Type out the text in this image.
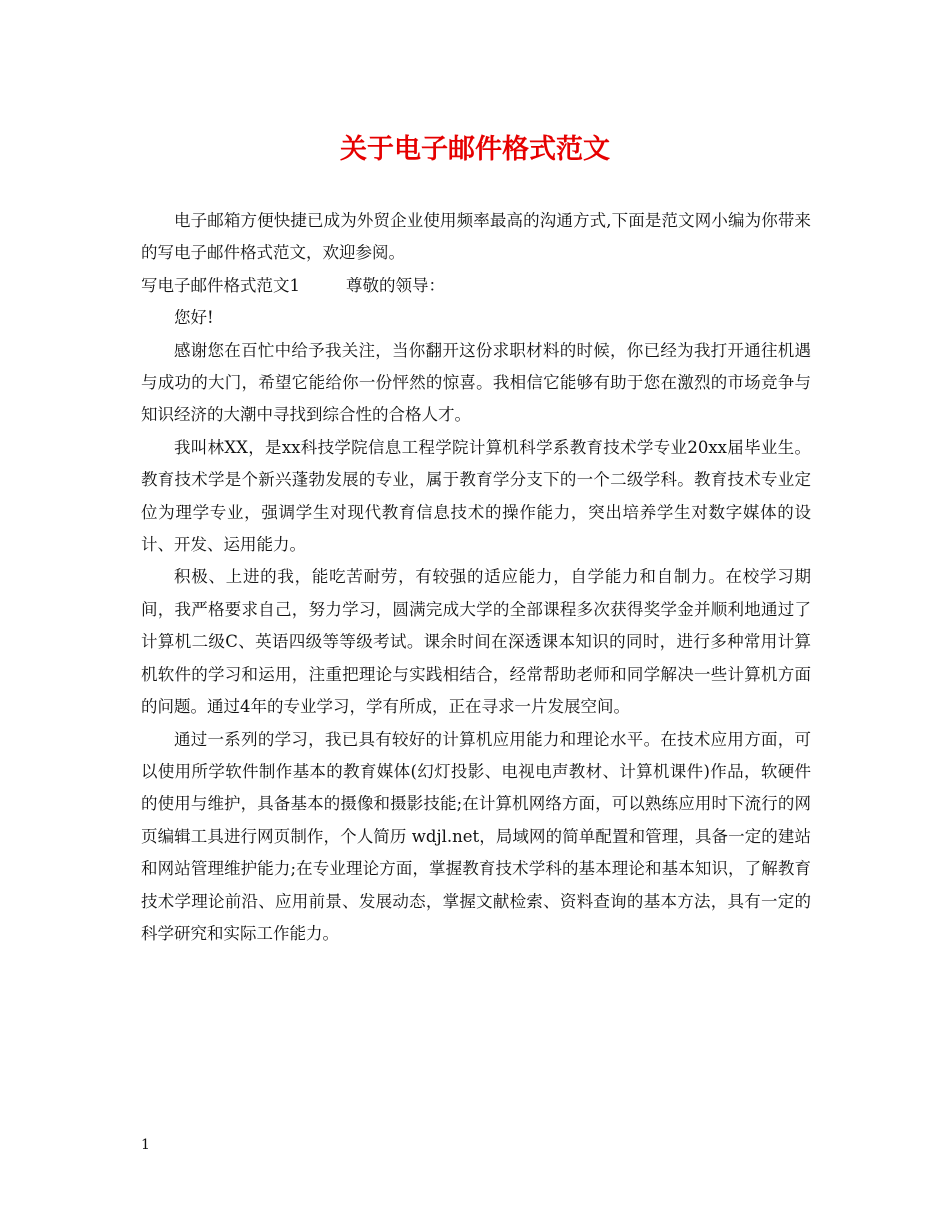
关于电子邮件格式范文

电子邮箱方便快捷已成为外贸企业使用频率最高的沟通方式,下面是范文网小编为你带来的写电子邮件格式范文，欢迎参阅。

写电子邮件格式范文1	尊敬的领导：

您好!

感谢您在百忙中给予我关注，当你翻开这份求职材料的时候，你已经为我打开通往机遇与成功的大门，希望它能给你一份怦然的惊喜。我相信它能够有助于您在激烈的市场竞争与知识经济的大潮中寻找到综合性的合格人才。

我叫林XX，是xx科技学院信息工程学院计算机科学系教育技术学专业20xx届毕业生。教育技术学是个新兴蓬勃发展的专业，属于教育学分支下的一个二级学科。教育技术专业定位为理学专业，强调学生对现代教育信息技术的操作能力，突出培养学生对数字媒体的设计、开发、运用能力。

积极、上进的我，能吃苦耐劳，有较强的适应能力，自学能力和自制力。在校学习期间，我严格要求自己，努力学习，圆满完成大学的全部课程多次获得奖学金并顺利地通过了计算机二级C、英语四级等等级考试。课余时间在深透课本知识的同时，进行多种常用计算机软件的学习和运用，注重把理论与实践相结合，经常帮助老师和同学解决一些计算机方面的问题。通过4年的专业学习，学有所成，正在寻求一片发展空间。

通过一系列的学习，我已具有较好的计算机应用能力和理论水平。在技术应用方面，可以使用所学软件制作基本的教育媒体(幻灯投影、电视电声教材、计算机课件)作品，软硬件的使用与维护，具备基本的摄像和摄影技能;在计算机网络方面，可以熟练应用时下流行的网页编辑工具进行网页制作，个人简历 wdjl.net，局域网的简单配置和管理，具备一定的建站和网站管理维护能力;在专业理论方面，掌握教育技术学科的基本理论和基本知识，了解教育技术学理论前沿、应用前景、发展动态，掌握文献检索、资料查询的基本方法，具有一定的科学研究和实际工作能力。

1
